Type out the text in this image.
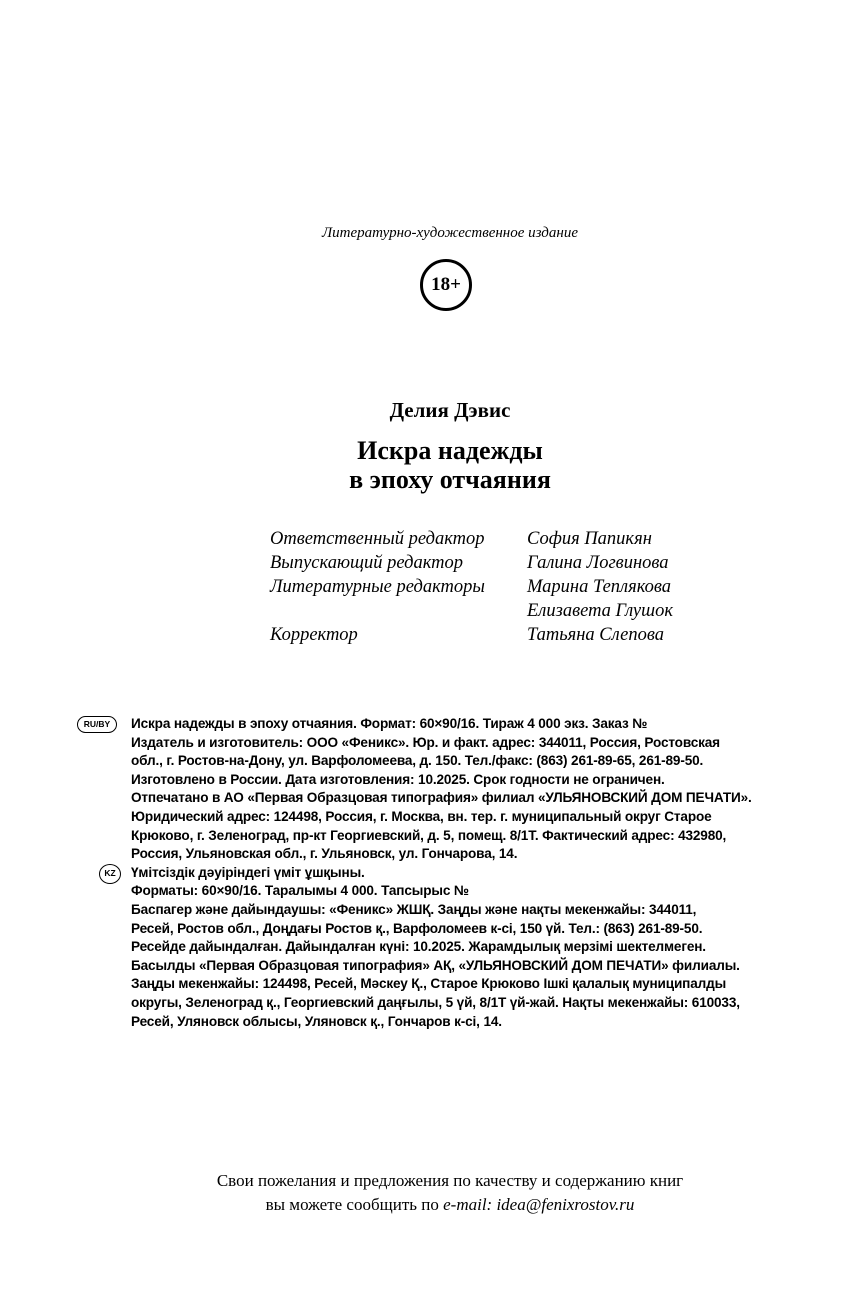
Литературно-художественное издание
18+
Делия Дэвис
Искра надежды
в эпоху отчаяния
Ответственный редактор	София Папикян
Выпускающий редактор	Галина Логвинова
Литературные редакторы	Марина Теплякова
Елизавета Глушок
Корректор	Татьяна Слепова
RU/BY	Искра надежды в эпоху отчаяния. Формат: 60×90/16. Тираж 4 000 экз. Заказ №
Издатель и изготовитель: ООО «Феникс». Юр. и факт. адрес: 344011, Россия, Ростовская
обл., г. Ростов-на-Дону, ул. Варфоломеева, д. 150. Тел./факс: (863) 261-89-65, 261-89-50.
Изготовлено в России. Дата изготовления: 10.2025. Срок годности не ограничен.
Отпечатано в АО «Первая Образцовая типография» филиал «УЛЬЯНОВСКИЙ ДОМ ПЕЧАТИ».
Юридический адрес: 124498, Россия, г. Москва, вн. тер. г. муниципальный округ Старое
Крюково, г. Зеленоград, пр-кт Георгиевский, д. 5, помещ. 8/1Т. Фактический адрес: 432980,
Россия, Ульяновская обл., г. Ульяновск, ул. Гончарова, 14.
KZ	Үмітсіздік дәуіріндегі үміт ұшқыны.
Форматы: 60×90/16. Таралымы 4 000. Тапсырыс №
Баспагер және дайындаушы: «Феникс» ЖШҚ. Заңды және нақты мекенжайы: 344011,
Ресей, Ростов обл., Доңдағы Ростов қ., Варфоломеев к-сі, 150 үй. Тел.: (863) 261-89-50.
Ресейде дайындалған. Дайындалған күні: 10.2025. Жарамдылық мерзімі шектелмеген.
Басылды «Первая Образцовая типография» АҚ, «УЛЬЯНОВСКИЙ ДОМ ПЕЧАТИ» филиалы.
Заңды мекенжайы: 124498, Ресей, Мәскеу Қ., Старое Крюково Ішкі қалалық муниципалды
округы, Зеленоград қ., Георгиевский даңғылы, 5 үй, 8/1Т үй-жай. Нақты мекенжайы: 610033,
Ресей, Уляновск облысы, Уляновск қ., Гончаров к-сі, 14.
Свои пожелания и предложения по качеству и содержанию книг
вы можете сообщить по e-mail: idea@fenixrostov.ru
